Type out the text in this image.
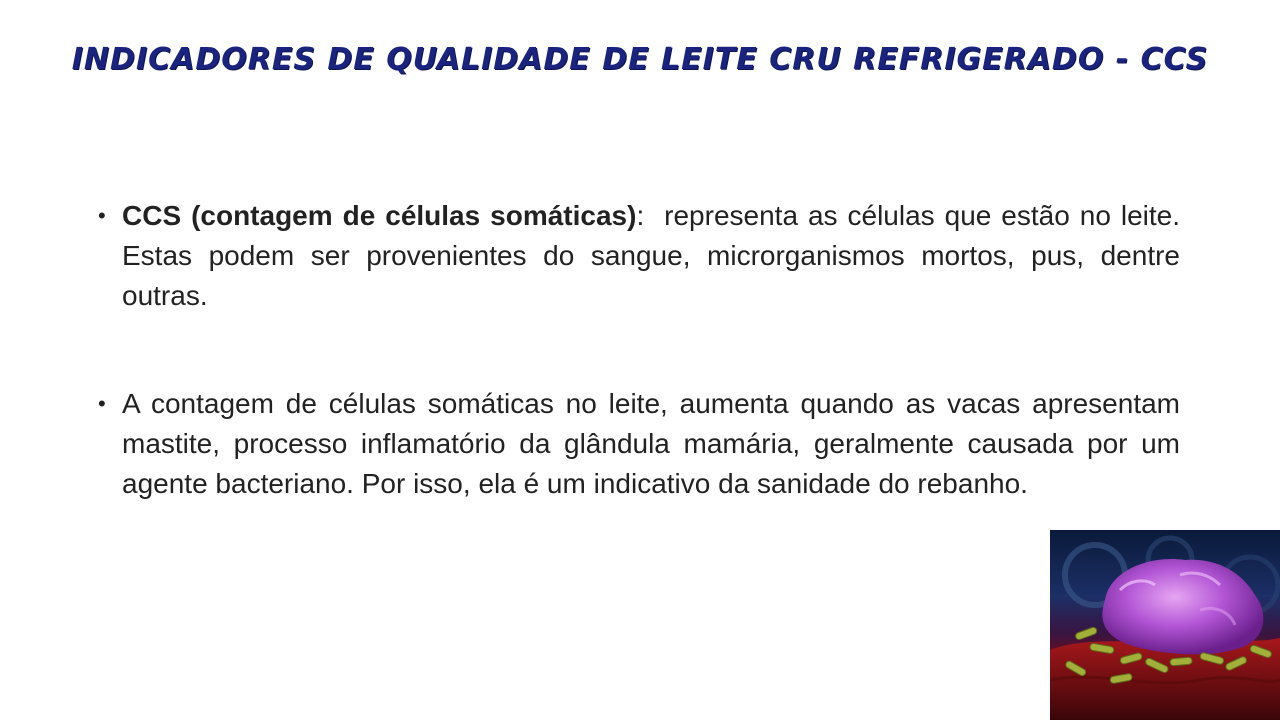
INDICADORES DE QUALIDADE DE LEITE CRU REFRIGERADO - CCS
• CCS (contagem de células somáticas):  representa as células que estão no leite. Estas podem ser provenientes do sangue, microrganismos mortos, pus, dentre outras.
• A contagem de células somáticas no leite, aumenta quando as vacas apresentam mastite, processo inflamatório da glândula mamária, geralmente causada por um agente bacteriano. Por isso, ela é um indicativo da sanidade do rebanho.
